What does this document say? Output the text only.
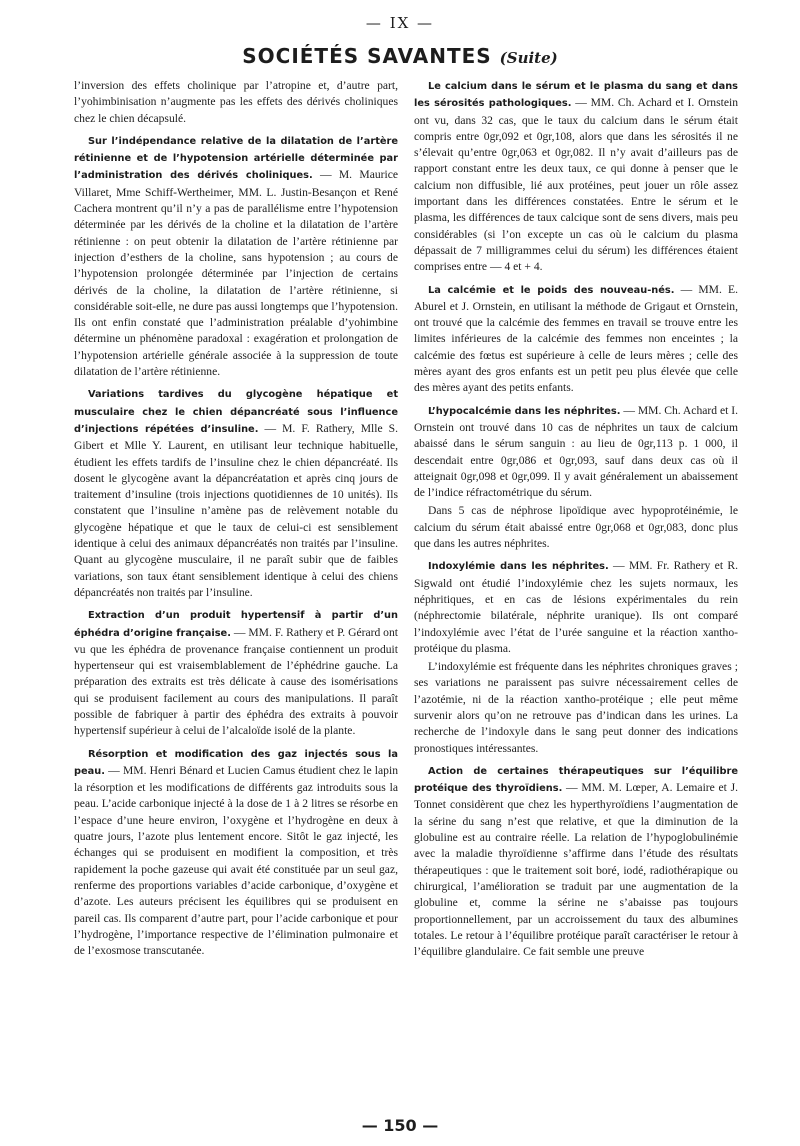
— IX —
SOCIÉTÉS SAVANTES (Suite)

l’inversion des effets cholinique par l’atropine et, d’autre part, l’yohimbinisation n’augmente pas les effets des dérivés choliniques chez le chien décapsulé.

Sur l’indépendance relative de la dilatation de l’artère rétinienne et de l’hypotension artérielle déterminée par l’administration des dérivés choliniques. — M. Maurice Villaret, Mme Schiff-Wertheimer, MM. L. Justin-Besançon et René Cachera montrent qu’il n’y a pas de parallélisme entre l’hypotension déterminée par les dérivés de la choline et la dilatation de l’artère rétinienne : on peut obtenir la dilatation de l’artère rétinienne par injection d’esthers de la choline, sans hypotension ; au cours de l’hypotension prolongée déterminée par l’injection de certains dérivés de la choline, la dilatation de l’artère rétinienne, si considérable soit-elle, ne dure pas aussi longtemps que l’hypotension. Ils ont enfin constaté que l’administration préalable d’yohimbine détermine un phénomène paradoxal : exagération et prolongation de l’hypotension artérielle générale associée à la suppression de toute dilatation de l’artère rétinienne.

Variations tardives du glycogène hépatique et musculaire chez le chien dépancréaté sous l’influence d’injections répétées d’insuline. — M. F. Rathery, Mlle S. Gibert et Mlle Y. Laurent, en utilisant leur technique habituelle, étudient les effets tardifs de l’insuline chez le chien dépancréaté. Ils dosent le glycogène avant la dépancréatation et après cinq jours de traitement d’insuline (trois injections quotidiennes de 10 unités). Ils constatent que l’insuline n’amène pas de relèvement notable du glycogène hépatique et que le taux de celui-ci est sensiblement identique à celui des animaux dépancréatés non traités par l’insuline. Quant au glycogène musculaire, il ne paraît subir que de faibles variations, son taux étant sensiblement identique à celui des chiens dépancréatés non traités par l’insuline.

Extraction d’un produit hypertensif à partir d’un éphédra d’origine française. — MM. F. Rathery et P. Gérard ont vu que les éphédra de provenance française contiennent un produit hypertenseur qui est vraisemblablement de l’éphédrine gauche. La préparation des extraits est très délicate à cause des isomérisations qui se produisent facilement au cours des manipulations. Il paraît possible de fabriquer à partir des éphédra des extraits à pouvoir hypertensif supérieur à celui de l’alcaloïde isolé de la plante.

Résorption et modification des gaz injectés sous la peau. — MM. Henri Bénard et Lucien Camus étudient chez le lapin la résorption et les modifications de différents gaz introduits sous la peau. L’acide carbonique injecté à la dose de 1 à 2 litres se résorbe en l’espace d’une heure environ, l’oxygène et l’hydrogène en deux à quatre jours, l’azote plus lentement encore. Sitôt le gaz injecté, les échanges qui se produisent en modifient la composition, et très rapidement la poche gazeuse qui avait été constituée par un seul gaz, renferme des proportions variables d’acide carbonique, d’oxygène et d’azote. Les auteurs précisent les équilibres qui se produisent en pareil cas. Ils comparent d’autre part, pour l’acide carbonique et pour l’hydrogène, l’importance respective de l’élimination pulmonaire et de l’exosmose transcutanée.

Le calcium dans le sérum et le plasma du sang et dans les sérosités pathologiques. — MM. Ch. Achard et I. Ornstein ont vu, dans 32 cas, que le taux du calcium dans le sérum était compris entre 0gr,092 et 0gr,108, alors que dans les sérosités il ne s’élevait qu’entre 0gr,063 et 0gr,082. Il n’y avait d’ailleurs pas de rapport constant entre les deux taux, ce qui donne à penser que le calcium non diffusible, lié aux protéines, peut jouer un rôle assez important dans les différences constatées. Entre le sérum et le plasma, les différences de taux calcique sont de sens divers, mais peu considérables (si l’on excepte un cas où le calcium du plasma dépassait de 7 milligrammes celui du sérum) les différences étaient comprises entre — 4 et + 4.

La calcémie et le poids des nouveau-nés. — MM. E. Aburel et J. Ornstein, en utilisant la méthode de Grigaut et Ornstein, ont trouvé que la calcémie des femmes en travail se trouve entre les limites inférieures de la calcémie des femmes non enceintes ; la calcémie des fœtus est supérieure à celle de leurs mères ; celle des mères ayant des gros enfants est un petit peu plus élevée que celle des mères ayant des petits enfants.

L’hypocalcémie dans les néphrites. — MM. Ch. Achard et I. Ornstein ont trouvé dans 10 cas de néphrites un taux de calcium abaissé dans le sérum sanguin : au lieu de 0gr,113 p. 1 000, il descendait entre 0gr,086 et 0gr,093, sauf dans deux cas où il atteignait 0gr,098 et 0gr,099. Il y avait généralement un abaissement de l’indice réfractométrique du sérum.

Dans 5 cas de néphrose lipoïdique avec hypoprotéinémie, le calcium du sérum était abaissé entre 0gr,068 et 0gr,083, donc plus que dans les autres néphrites.

Indoxylémie dans les néphrites. — MM. Fr. Rathery et R. Sigwald ont étudié l’indoxylémie chez les sujets normaux, les néphritiques, et en cas de lésions expérimentales du rein (néphrectomie bilatérale, néphrite uranique). Ils ont comparé l’indoxylémie avec l’état de l’urée sanguine et la réaction xantho-protéique du plasma.

L’indoxylémie est fréquente dans les néphrites chroniques graves ; ses variations ne paraissent pas suivre nécessairement celles de l’azotémie, ni de la réaction xantho-protéique ; elle peut même survenir alors qu’on ne retrouve pas d’indican dans les urines. La recherche de l’indoxyle dans le sang peut donner des indications pronostiques intéressantes.

Action de certaines thérapeutiques sur l’équilibre protéique des thyroïdiens. — MM. M. Lœper, A. Lemaire et J. Tonnet considèrent que chez les hyperthyroïdiens l’augmentation de la sérine du sang n’est que relative, et que la diminution de la globuline est au contraire réelle. La relation de l’hypoglobulinémie avec la maladie thyroïdienne s’affirme dans l’étude des résultats thérapeutiques : que le traitement soit boré, iodé, radiothérapique ou chirurgical, l’amélioration se traduit par une augmentation de la globuline et, comme la sérine ne s’abaisse pas toujours proportionnellement, par un accroissement du taux des albumines totales. Le retour à l’équilibre protéique paraît caractériser le retour à l’équilibre glandulaire. Ce fait semble une preuve

— 150 —
